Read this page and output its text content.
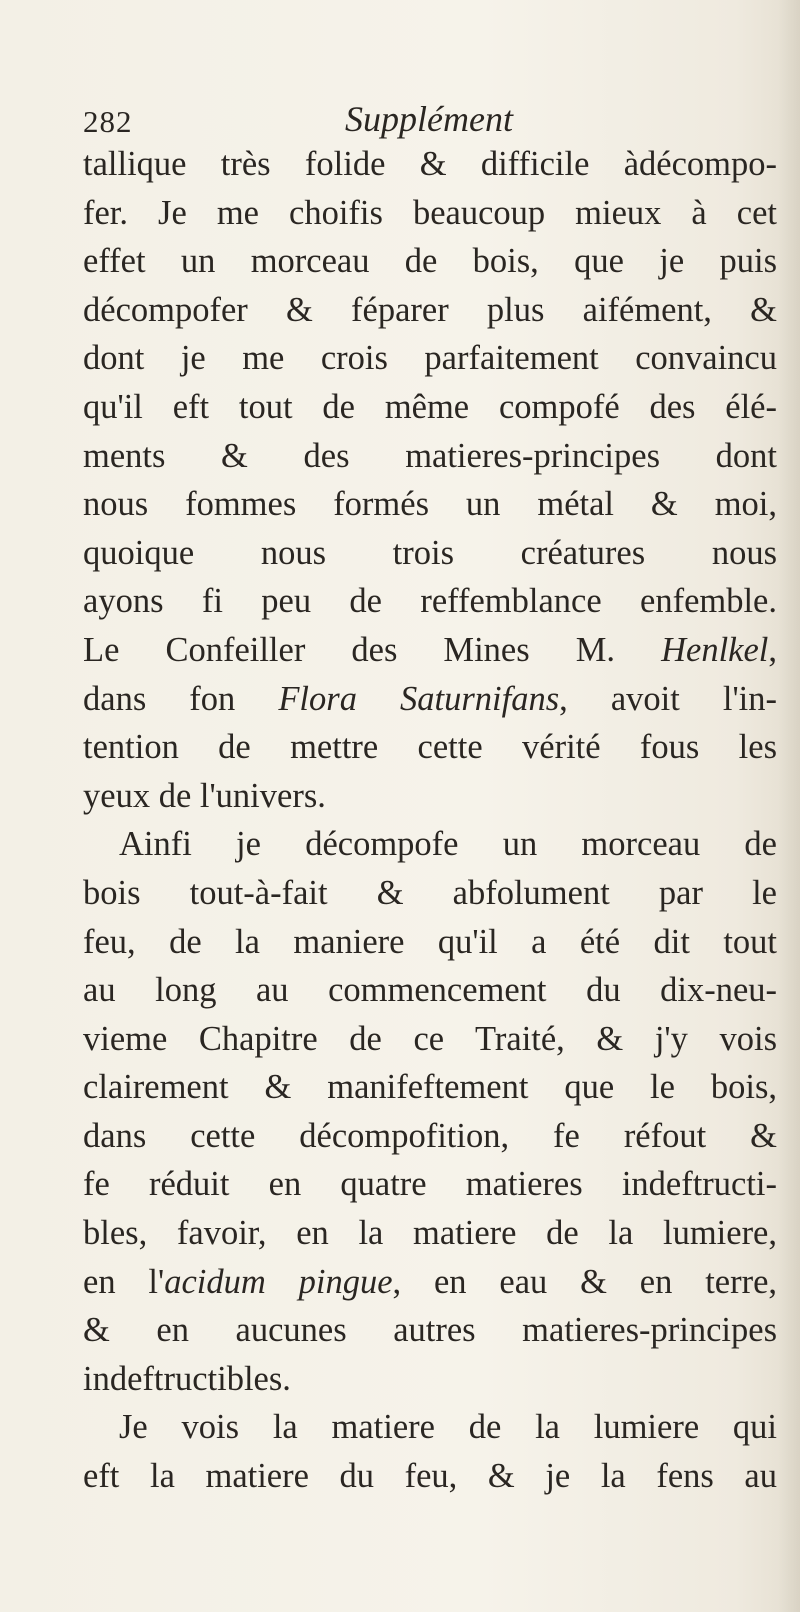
282	Supplément
tallique très folide & difficile àdécompo-
fer. Je me choifis beaucoup mieux à cet
effet un morceau de bois, que je puis
décompofer & féparer plus aifément, &
dont je me crois parfaitement convaincu
qu'il eft tout de même compofé des élé-
ments & des matieres-principes dont
nous fommes formés un métal & moi,
quoique nous trois créatures nous
ayons fi peu de reffemblance enfemble.
Le Confeiller des Mines M. Henlkel,
dans fon Flora Saturnifans, avoit l'in-
tention de mettre cette vérité fous les
yeux de l'univers.
Ainfi je décompofe un morceau de
bois tout-à-fait & abfolument par le
feu, de la maniere qu'il a été dit tout
au long au commencement du dix-neu-
vieme Chapitre de ce Traité, & j'y vois
clairement & manifeftement que le bois,
dans cette décompofition, fe réfout &
fe réduit en quatre matieres indeftructi-
bles, favoir, en la matiere de la lumiere,
en l'acidum pingue, en eau & en terre,
& en aucunes autres matieres-principes
indeftructibles.
Je vois la matiere de la lumiere qui
eft la matiere du feu, & je la fens au
